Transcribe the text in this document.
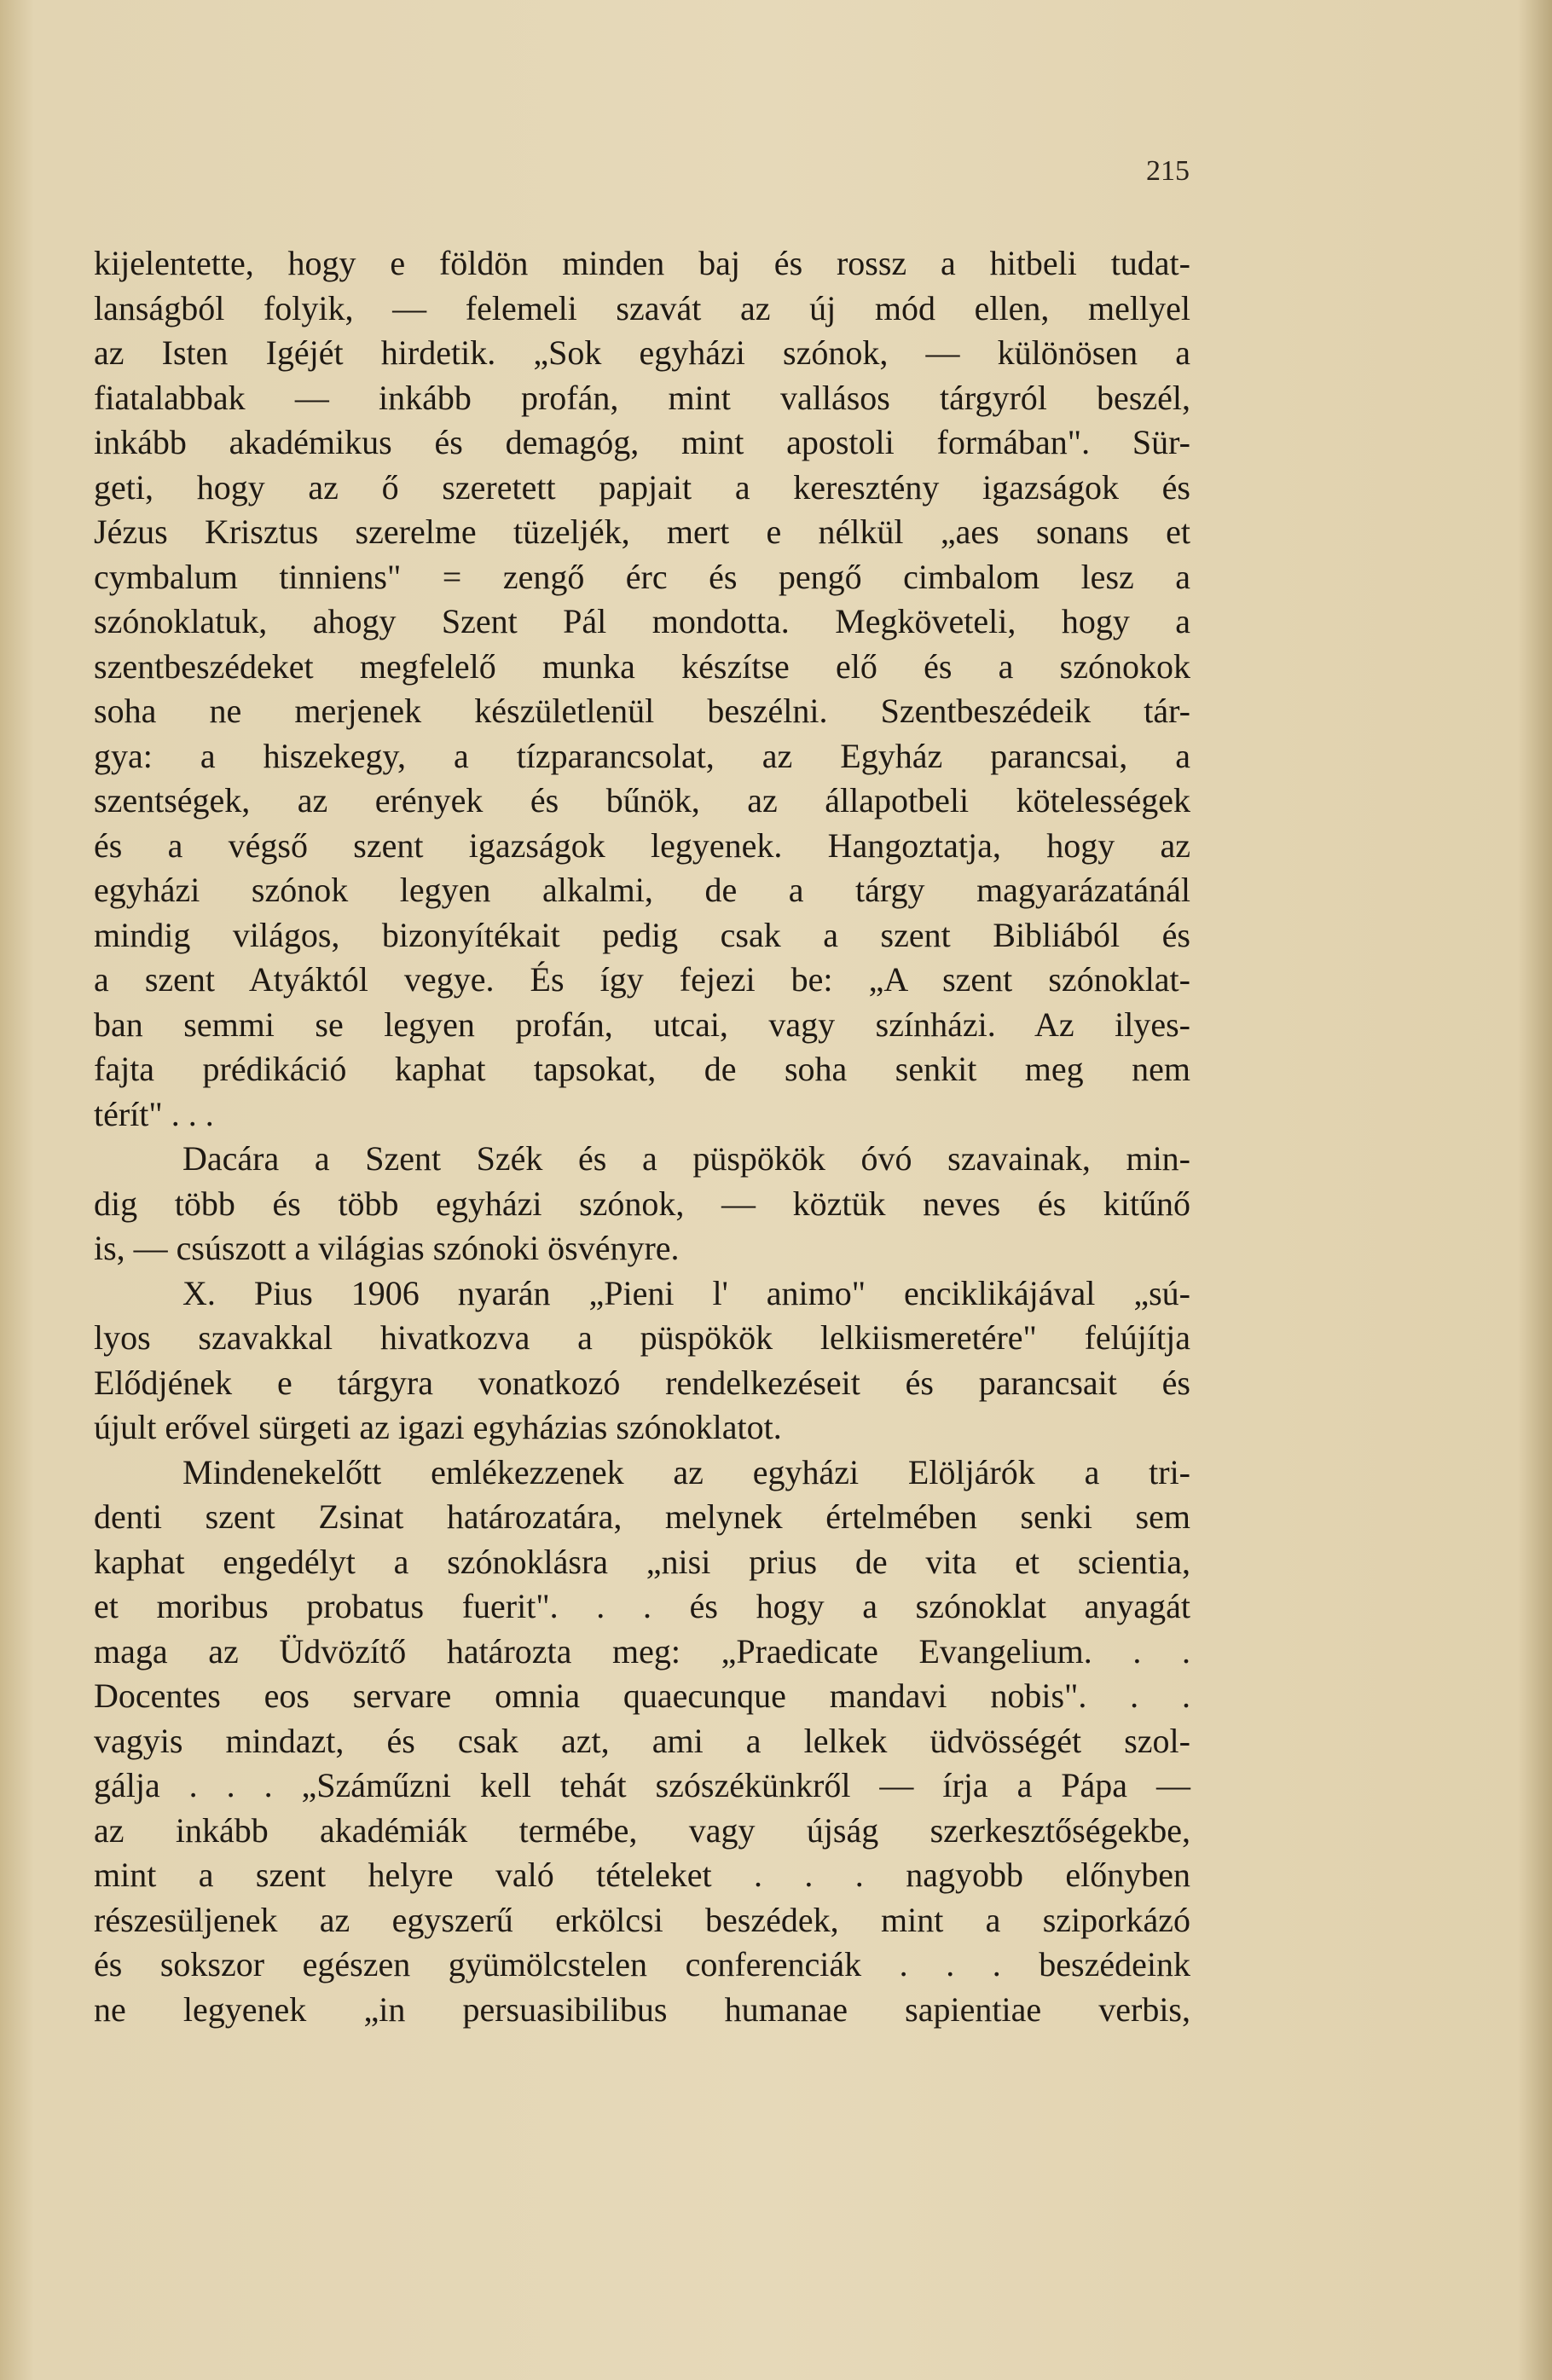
215
kijelentette, hogy e földön minden baj és rossz a hitbeli tudat-
lanságból folyik, — felemeli szavát az új mód ellen, mellyel
az Isten Igéjét hirdetik. „Sok egyházi szónok, — különösen a
fiatalabbak — inkább profán, mint vallásos tárgyról beszél,
inkább akadémikus és demagóg, mint apostoli formában". Sür-
geti, hogy az ő szeretett papjait a keresztény igazságok és
Jézus Krisztus szerelme tüzeljék, mert e nélkül „aes sonans et
cymbalum tinniens" = zengő érc és pengő cimbalom lesz a
szónoklatuk, ahogy Szent Pál mondotta. Megköveteli, hogy a
szentbeszédeket megfelelő munka készítse elő és a szónokok
soha ne merjenek készületlenül beszélni. Szentbeszédeik tár-
gya: a hiszekegy, a tízparancsolat, az Egyház parancsai, a
szentségek, az erények és bűnök, az állapotbeli kötelességek
és a végső szent igazságok legyenek. Hangoztatja, hogy az
egyházi szónok legyen alkalmi, de a tárgy magyarázatánál
mindig világos, bizonyítékait pedig csak a szent Bibliából és
a szent Atyáktól vegye. És így fejezi be: „A szent szónoklat-
ban semmi se legyen profán, utcai, vagy színházi. Az ilyes-
fajta prédikáció kaphat tapsokat, de soha senkit meg nem
térít" . . .
Dacára a Szent Szék és a püspökök óvó szavainak, min-
dig több és több egyházi szónok, — köztük neves és kitűnő
is, — csúszott a világias szónoki ösvényre.
X. Pius 1906 nyarán „Pieni l' animo" enciklikájával „sú-
lyos szavakkal hivatkozva a püspökök lelkiismeretére" felújítja
Elődjének e tárgyra vonatkozó rendelkezéseit és parancsait és
újult erővel sürgeti az igazi egyházias szónoklatot.
Mindenekelőtt emlékezzenek az egyházi Elöljárók a tri-
denti szent Zsinat határozatára, melynek értelmében senki sem
kaphat engedélyt a szónoklásra „nisi prius de vita et scientia,
et moribus probatus fuerit". . . és hogy a szónoklat anyagát
maga az Üdvözítő határozta meg: „Praedicate Evangelium. . .
Docentes eos servare omnia quaecunque mandavi nobis". . .
vagyis mindazt, és csak azt, ami a lelkek üdvösségét szol-
gálja . . . „Száműzni kell tehát szószékünkről — írja a Pápa —
az inkább akadémiák termébe, vagy újság szerkesztőségekbe,
mint a szent helyre való tételeket . . . nagyobb előnyben
részesüljenek az egyszerű erkölcsi beszédek, mint a sziporkázó
és sokszor egészen gyümölcstelen conferenciák . . . beszédeink
ne legyenek „in persuasibilibus humanae sapientiae verbis,
